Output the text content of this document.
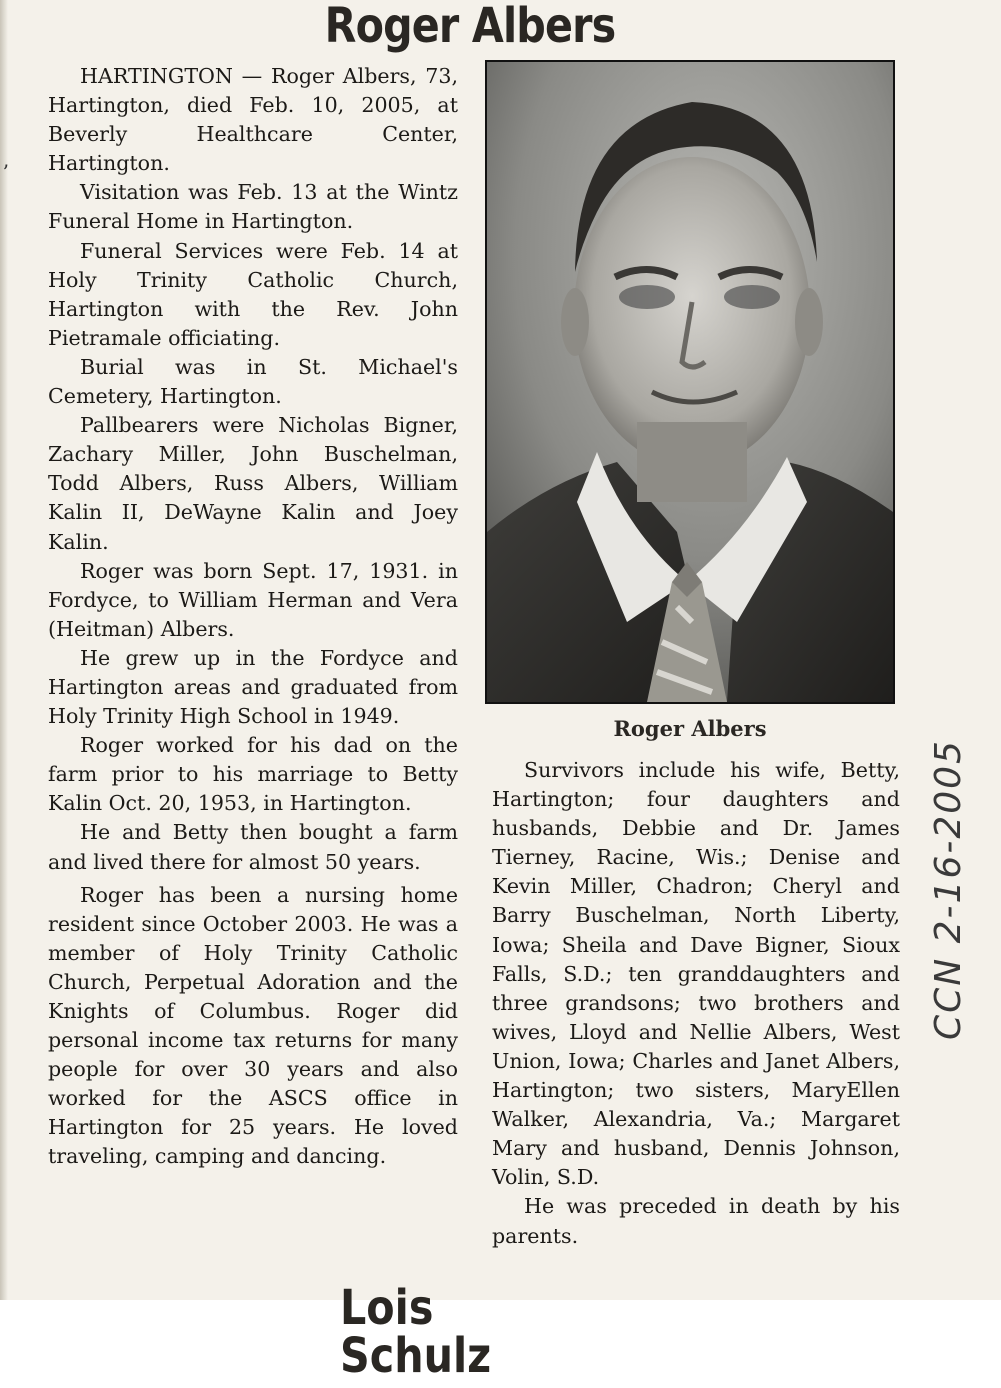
ʼ
Roger Albers

HARTINGTON — Roger Albers, 73, Hartington, died Feb. 10, 2005, at Beverly Healthcare Center, Hartington.

Visitation was Feb. 13 at the Wintz Funeral Home in Hartington.

Funeral Services were Feb. 14 at Holy Trinity Catholic Church, Hartington with the Rev. John Pietramale officiating.

Burial was in St. Michael's Cemetery, Hartington.

Pallbearers were Nicholas Bigner, Zachary Miller, John Buschelman, Todd Albers, Russ Albers, William Kalin II, DeWayne Kalin and Joey Kalin.

Roger was born Sept. 17, 1931. in Fordyce, to William Herman and Vera (Heitman) Albers.

He grew up in the Fordyce and Hartington areas and graduated from Holy Trinity High School in 1949.

Roger worked for his dad on the farm prior to his marriage to Betty Kalin Oct. 20, 1953, in Hartington.

He and Betty then bought a farm and lived there for almost 50 years.

Roger has been a nursing home resident since October 2003. He was a member of Holy Trinity Catholic Church, Perpetual Adoration and the Knights of Columbus. Roger did personal income tax returns for many people for over 30 years and also worked for the ASCS office in Hartington for 25 years. He loved traveling, camping and dancing.

Roger Albers

Survivors include his wife, Betty, Hartington; four daughters and husbands, Debbie and Dr. James Tierney, Racine, Wis.; Denise and Kevin Miller, Chadron; Cheryl and Barry Buschelman, North Liberty, Iowa; Sheila and Dave Bigner, Sioux Falls, S.D.; ten granddaughters and three grandsons; two brothers and wives, Lloyd and Nellie Albers, West Union, Iowa; Charles and Janet Albers, Hartington; two sisters, MaryEllen Walker, Alexandria, Va.; Margaret Mary and husband, Dennis Johnson, Volin, S.D.

He was preceded in death by his parents.

CCN 2-16-2005
Lois Schulz
